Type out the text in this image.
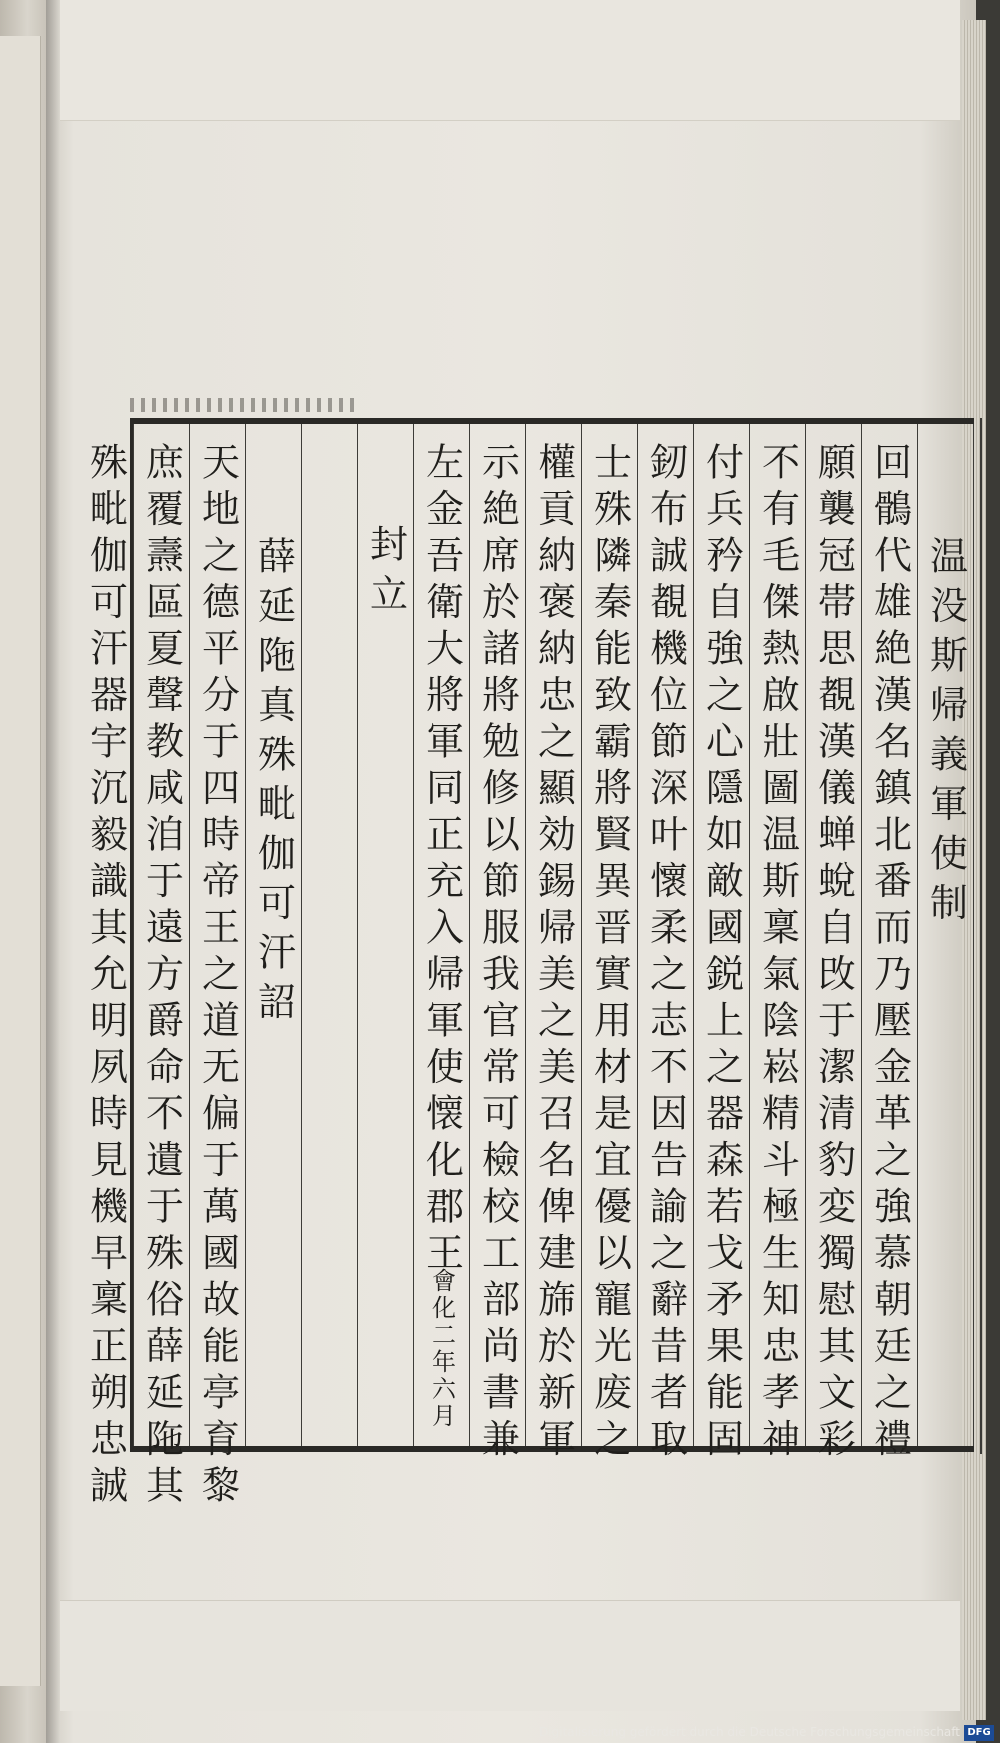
温没斯帰義軍使制
回鶻代雄絶漢名鎮北番而乃壓金革之強慕朝廷之禮
願襲冠帯思覩漢儀蝉蛻自攺于潔清豹変獨慰其文彩
不有毛傑熱啟壯圖温斯稟氣陰崧精斗極生知忠孝神
付兵矜自強之心隱如敵國鋭上之器森若戈矛果能固
釰布誠覩機位節深叶懷柔之志不因告諭之辭昔者取
士殊隣秦能致霸將賢異晋實用材是宜優以寵光废之
權貢納褒納忠之顯効錫帰美之美召名俾建旆於新軍
示絶席於諸將勉修以節服我官常可檢校工部尚書兼
左金吾衛大將軍同正充入帰軍使懐化郡王
會化二年六月
封立
薛延陁真殊毗伽可汗詔
天地之德平分于四時帝王之道无偏于萬國故能亭育黎
庶覆燾區夏聲教咸洎于遠方爵命不遺于殊俗薛延陁其
殊毗伽可汗器宇沉毅識其允明夙時見機早稟正朔忠誠
Digitalisierung gefördert durch die Deutsche Forschungsgemeinschaft DFG
